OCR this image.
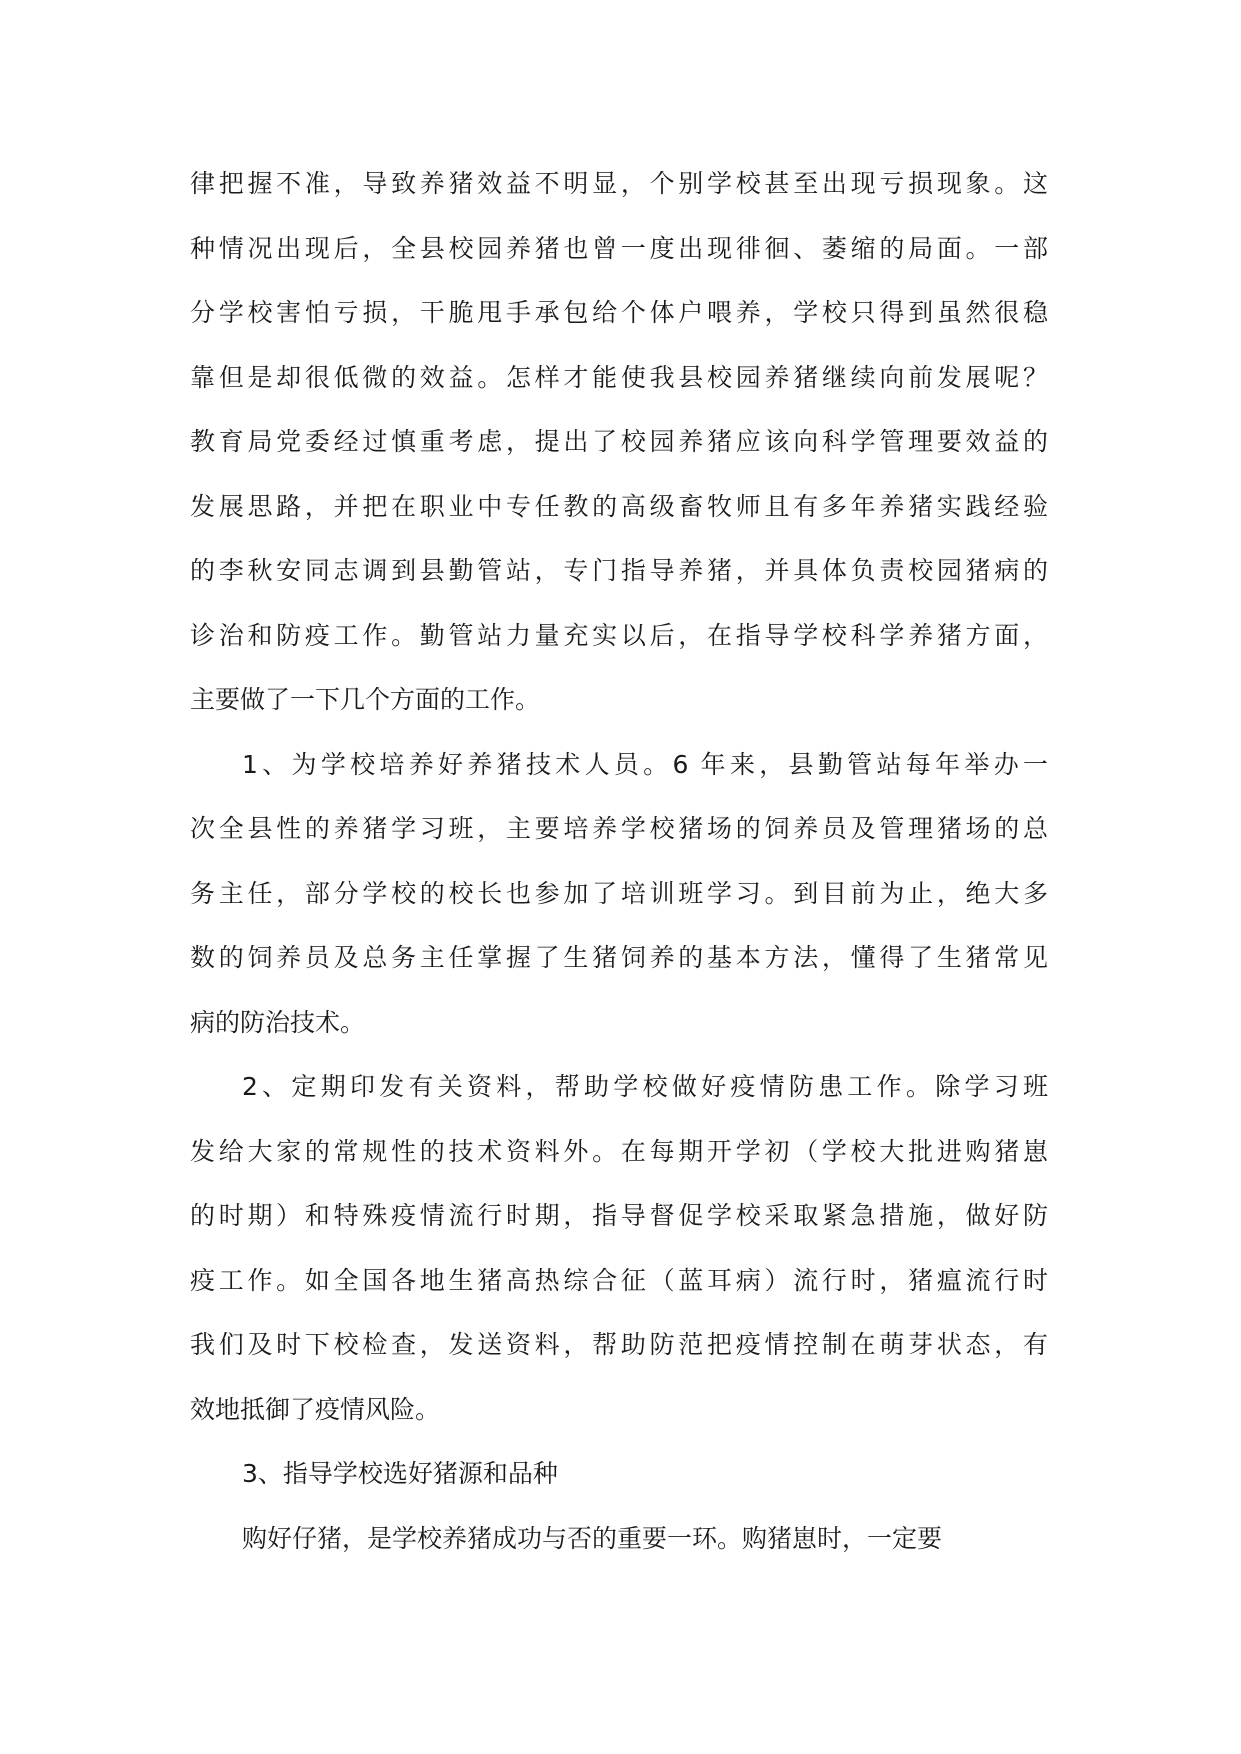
律把握不准，导致养猪效益不明显，个别学校甚至出现亏损现象。这
种情况出现后，全县校园养猪也曾一度出现徘徊、萎缩的局面。一部
分学校害怕亏损，干脆甩手承包给个体户喂养，学校只得到虽然很稳
靠但是却很低微的效益。怎样才能使我县校园养猪继续向前发展呢？
教育局党委经过慎重考虑，提出了校园养猪应该向科学管理要效益的
发展思路，并把在职业中专任教的高级畜牧师且有多年养猪实践经验
的李秋安同志调到县勤管站，专门指导养猪，并具体负责校园猪病的
诊治和防疫工作。勤管站力量充实以后，在指导学校科学养猪方面，
主要做了一下几个方面的工作。
1、为学校培养好养猪技术人员。6 年来，县勤管站每年举办一
次全县性的养猪学习班，主要培养学校猪场的饲养员及管理猪场的总
务主任，部分学校的校长也参加了培训班学习。到目前为止，绝大多
数的饲养员及总务主任掌握了生猪饲养的基本方法，懂得了生猪常见
病的防治技术。
2、定期印发有关资料，帮助学校做好疫情防患工作。除学习班
发给大家的常规性的技术资料外。在每期开学初（学校大批进购猪崽
的时期）和特殊疫情流行时期，指导督促学校采取紧急措施，做好防
疫工作。如全国各地生猪高热综合征（蓝耳病）流行时，猪瘟流行时
我们及时下校检查，发送资料，帮助防范把疫情控制在萌芽状态，有
效地抵御了疫情风险。
3、指导学校选好猪源和品种
购好仔猪，是学校养猪成功与否的重要一环。购猪崽时，一定要
